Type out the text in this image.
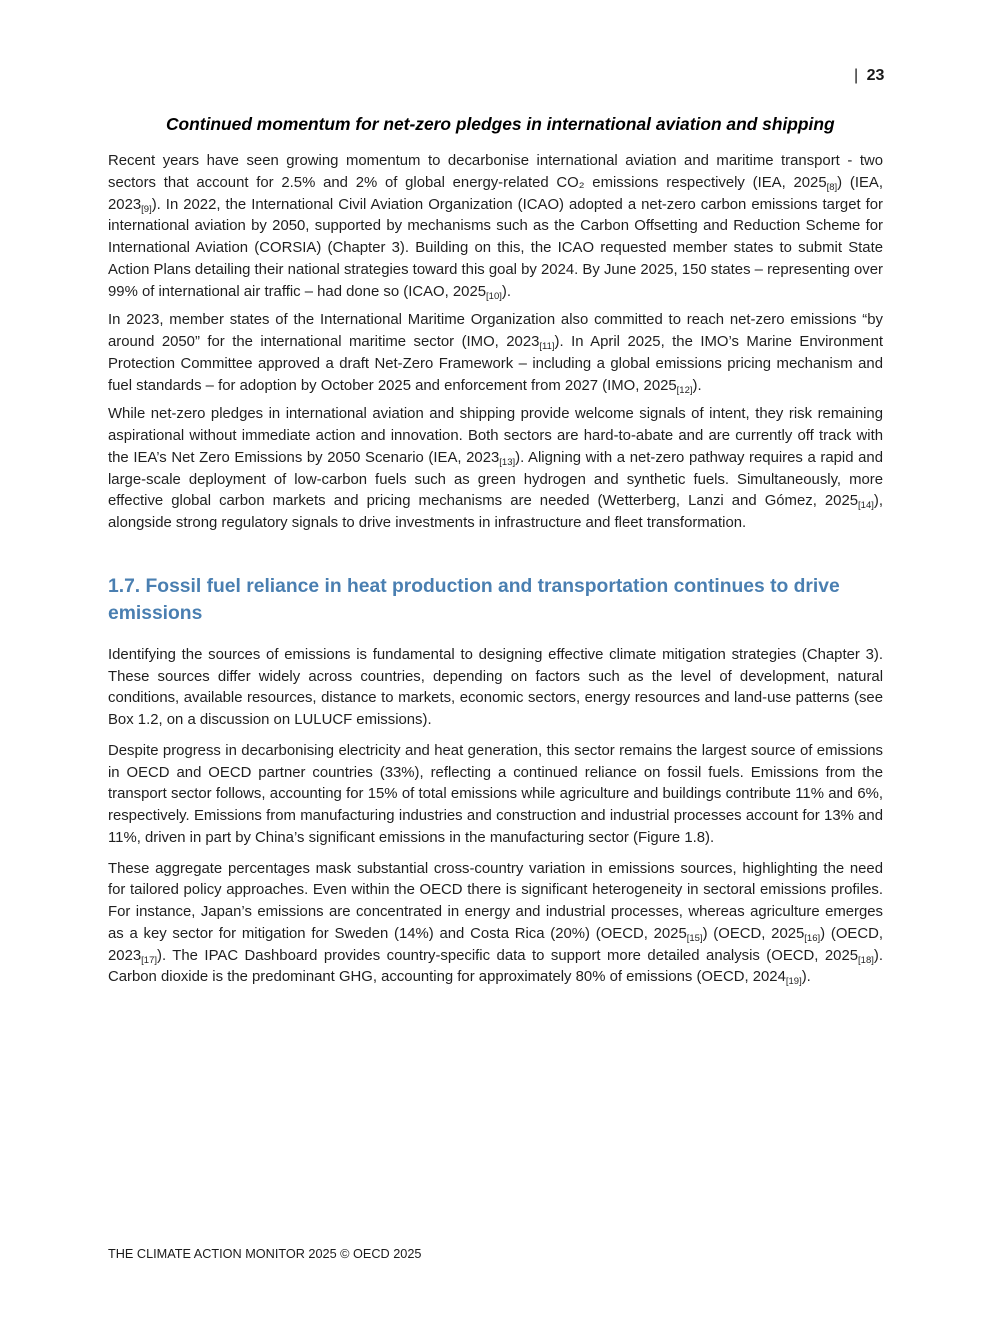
| 23
Continued momentum for net-zero pledges in international aviation and shipping

Recent years have seen growing momentum to decarbonise international aviation and maritime transport - two sectors that account for 2.5% and 2% of global energy-related CO₂ emissions respectively (IEA, $2025_{[8]}$) (IEA, $2023_{[9]}$). In 2022, the International Civil Aviation Organization (ICAO) adopted a net-zero carbon emissions target for international aviation by 2050, supported by mechanisms such as the Carbon Offsetting and Reduction Scheme for International Aviation (CORSIA) (Chapter 3). Building on this, the ICAO requested member states to submit State Action Plans detailing their national strategies toward this goal by 2024. By June 2025, 150 states – representing over 99% of international air traffic – had done so (ICAO, $2025_{[10]}$).

In 2023, member states of the International Maritime Organization also committed to reach net-zero emissions “by around 2050” for the international maritime sector (IMO, $2023_{[11]}$). In April 2025, the IMO’s Marine Environment Protection Committee approved a draft Net-Zero Framework – including a global emissions pricing mechanism and fuel standards – for adoption by October 2025 and enforcement from 2027 (IMO, $2025_{[12]}$).

While net-zero pledges in international aviation and shipping provide welcome signals of intent, they risk remaining aspirational without immediate action and innovation. Both sectors are hard-to-abate and are currently off track with the IEA’s Net Zero Emissions by 2050 Scenario (IEA, $2023_{[13]}$). Aligning with a net-zero pathway requires a rapid and large-scale deployment of low-carbon fuels such as green hydrogen and synthetic fuels. Simultaneously, more effective global carbon markets and pricing mechanisms are needed (Wetterberg, Lanzi and Gómez, $2025_{[14]}$), alongside strong regulatory signals to drive investments in infrastructure and fleet transformation.

1.7. Fossil fuel reliance in heat production and transportation continues to drive emissions

Identifying the sources of emissions is fundamental to designing effective climate mitigation strategies (Chapter 3). These sources differ widely across countries, depending on factors such as the level of development, natural conditions, available resources, distance to markets, economic sectors, energy resources and land-use patterns (see Box 1.2, on a discussion on LULUCF emissions).

Despite progress in decarbonising electricity and heat generation, this sector remains the largest source of emissions in OECD and OECD partner countries (33%), reflecting a continued reliance on fossil fuels. Emissions from the transport sector follows, accounting for 15% of total emissions while agriculture and buildings contribute 11% and 6%, respectively. Emissions from manufacturing industries and construction and industrial processes account for 13% and 11%, driven in part by China’s significant emissions in the manufacturing sector (Figure 1.8).

These aggregate percentages mask substantial cross-country variation in emissions sources, highlighting the need for tailored policy approaches. Even within the OECD there is significant heterogeneity in sectoral emissions profiles. For instance, Japan’s emissions are concentrated in energy and industrial processes, whereas agriculture emerges as a key sector for mitigation for Sweden (14%) and Costa Rica (20%) (OECD, $2025_{[15]}$) (OECD, $2025_{[16]}$) (OECD, $2023_{[17]}$). The IPAC Dashboard provides country-specific data to support more detailed analysis (OECD, $2025_{[18]}$). Carbon dioxide is the predominant GHG, accounting for approximately 80% of emissions (OECD, $2024_{[19]}$).

THE CLIMATE ACTION MONITOR 2025 © OECD 2025
